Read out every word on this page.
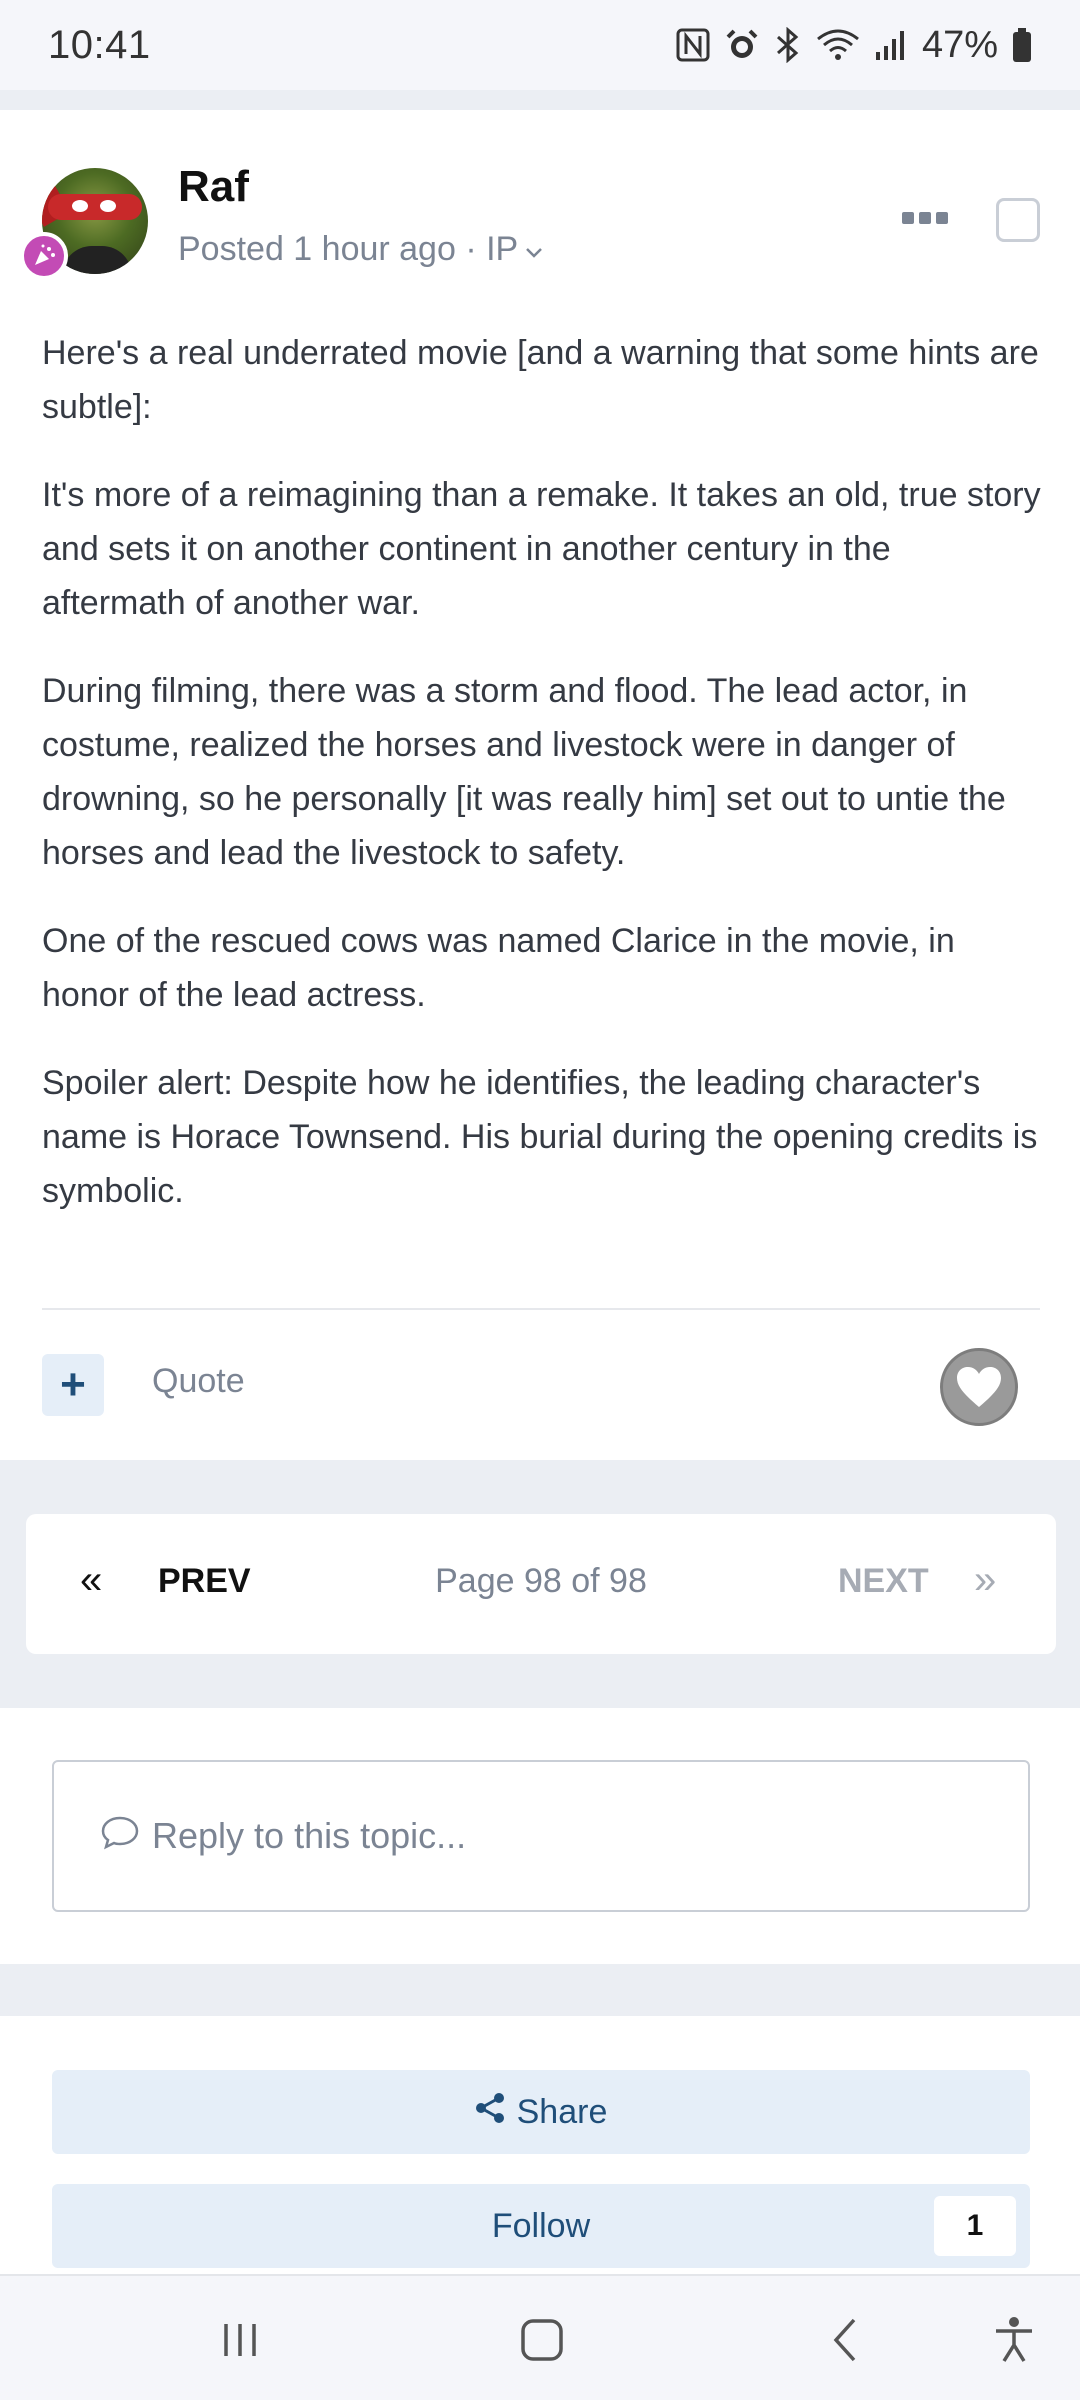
10:41	47%
Raf
Posted 1 hour ago · IP

Here's a real underrated movie [and a warning that some hints are subtle]:

It's more of a reimagining than a remake. It takes an old, true story and sets it on another continent in another century in the aftermath of another war.

During filming, there was a storm and flood. The lead actor, in costume, realized the horses and livestock were in danger of drowning, so he personally [it was really him] set out to untie the horses and lead the livestock to safety.

One of the rescued cows was named Clarice in the movie, in honor of the lead actress.

Spoiler alert: Despite how he identifies, the leading character's name is Horace Townsend. His burial during the opening credits is symbolic.

+	Quote
« PREV	Page 98 of 98	NEXT »
Reply to this topic...
Share
Follow	1
